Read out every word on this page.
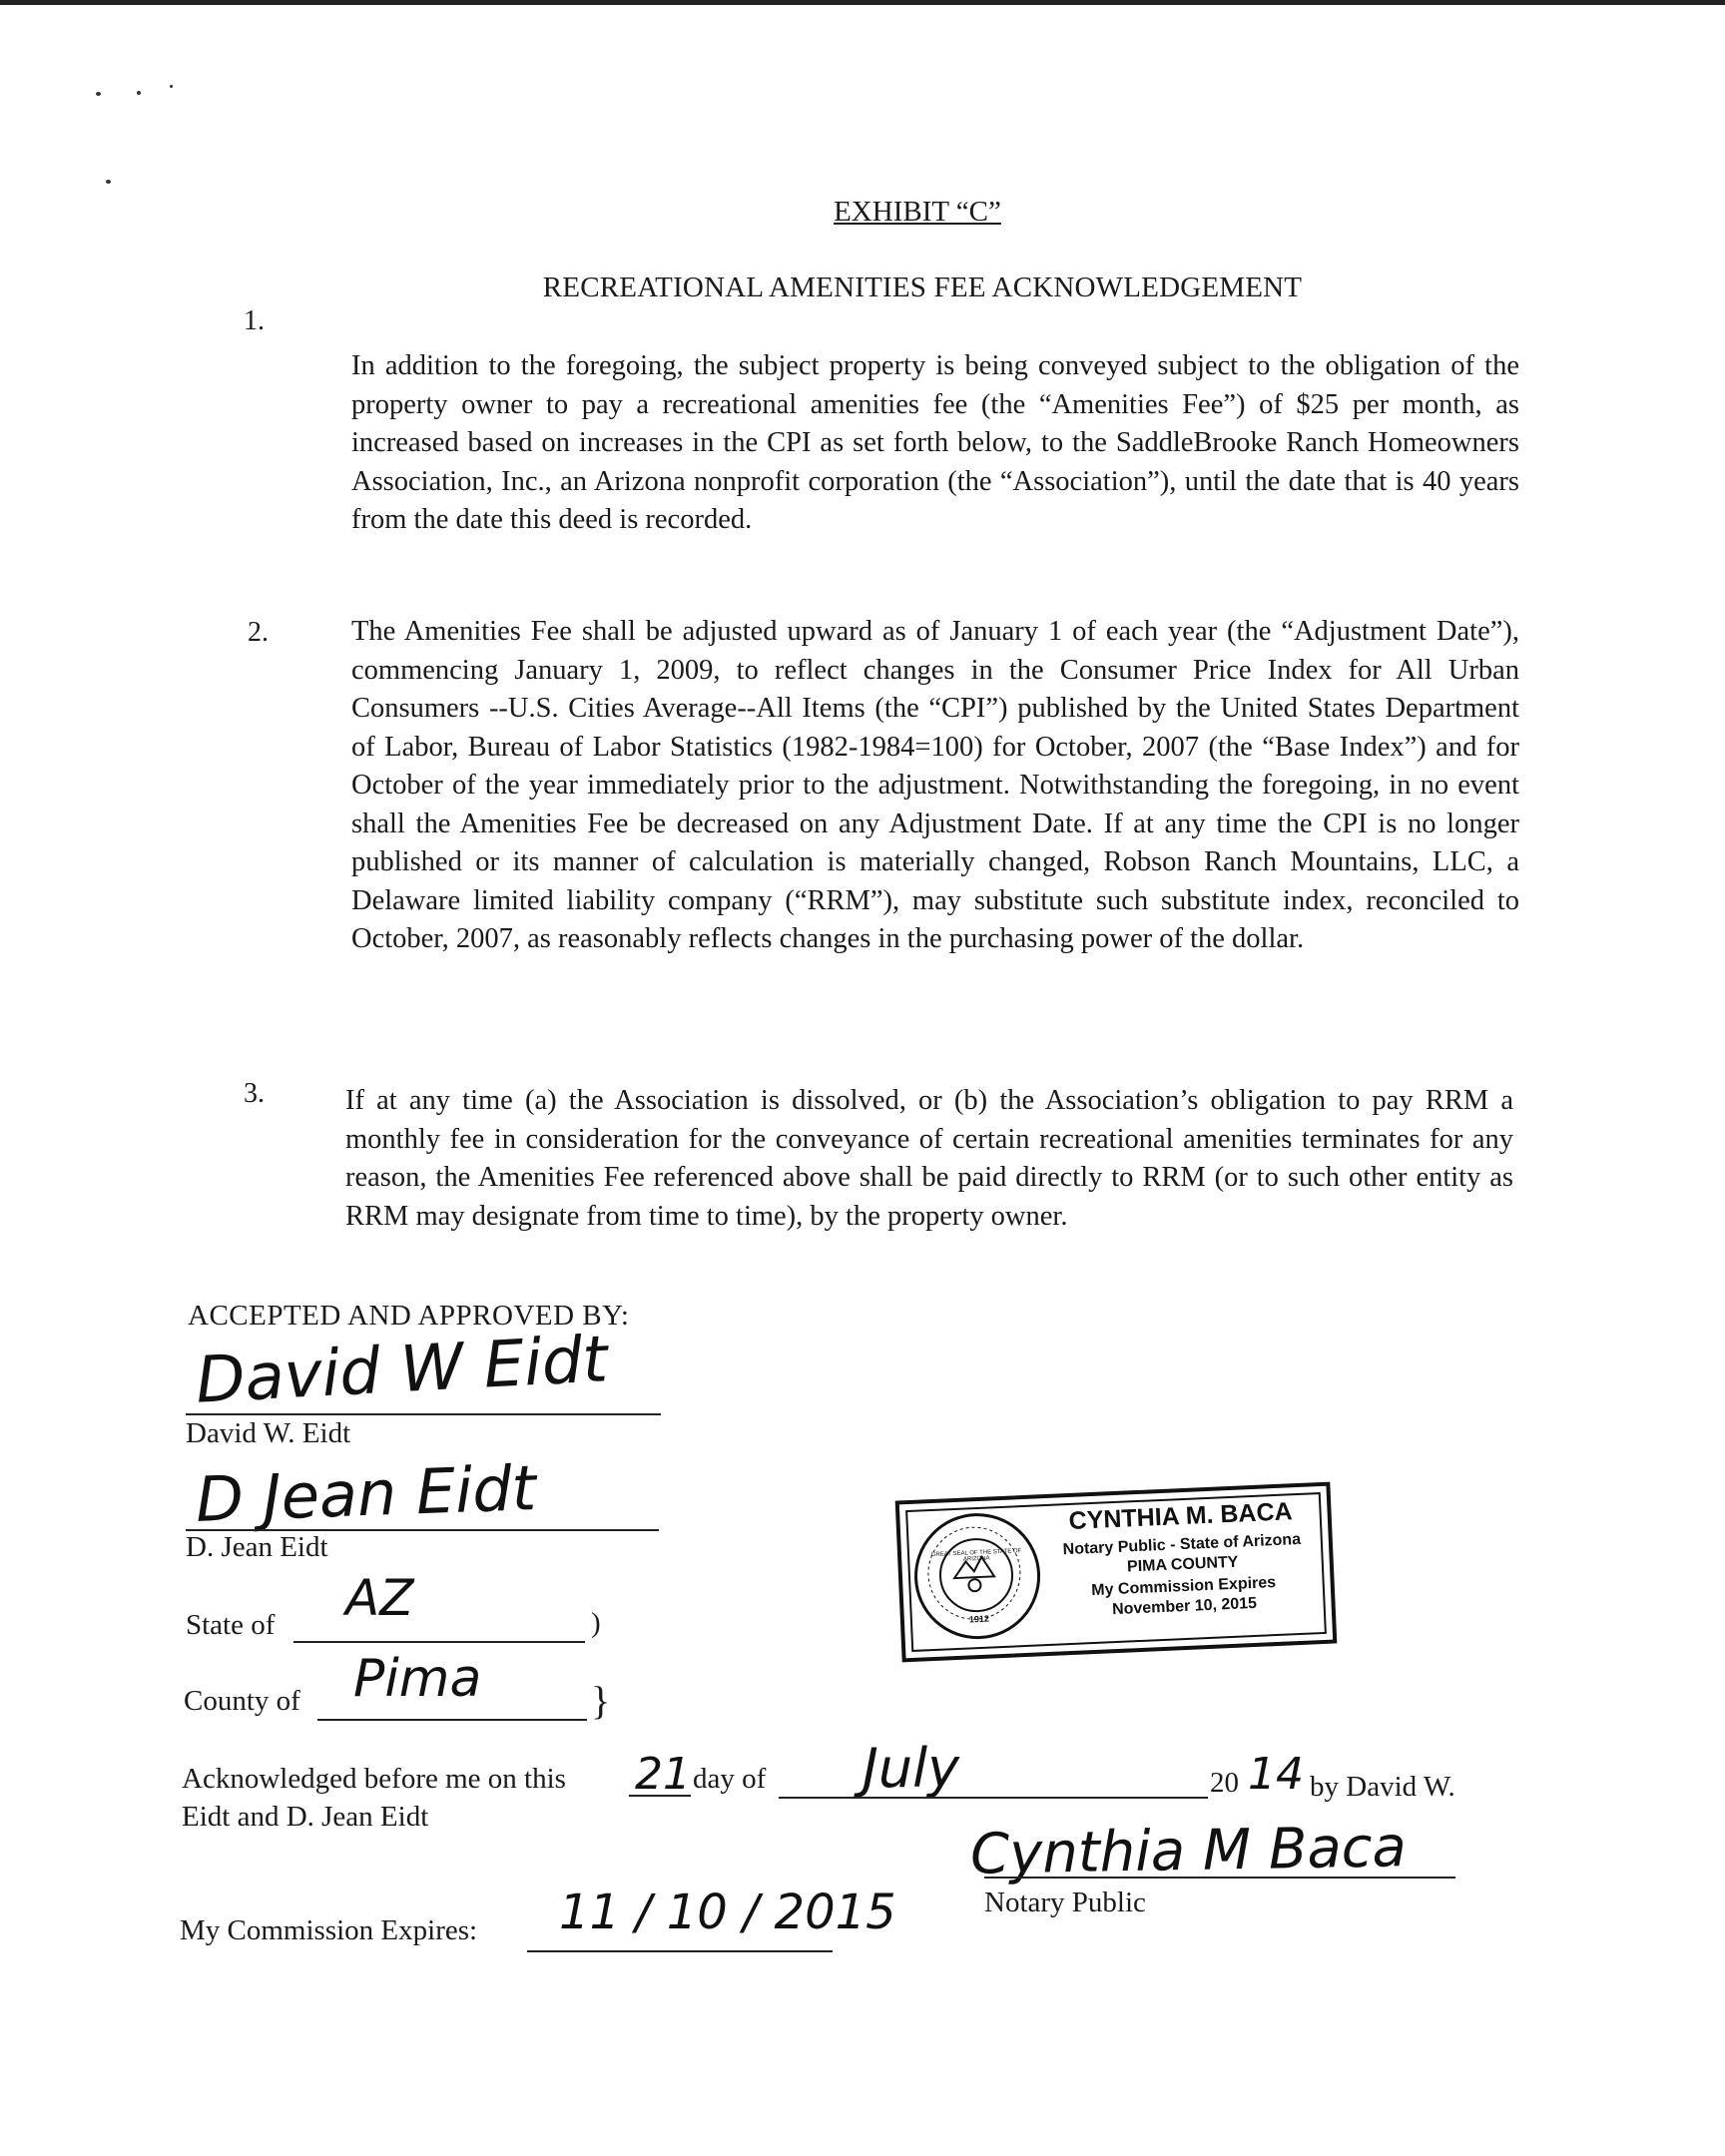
EXHIBIT “C”
RECREATIONAL AMENITIES FEE ACKNOWLEDGEMENT
1.
In addition to the foregoing, the subject property is being conveyed subject to the obligation of the property owner to pay a recreational amenities fee (the “Amenities Fee”) of $25 per month, as increased based on increases in the CPI as set forth below, to the SaddleBrooke Ranch Homeowners Association, Inc., an Arizona nonprofit corporation (the “Association”), until the date that is 40 years from the date this deed is recorded.
2.	The Amenities Fee shall be adjusted upward as of January 1 of each year (the “Adjustment Date”), commencing January 1, 2009, to reflect changes in the Consumer Price Index for All Urban Consumers --U.S. Cities Average--All Items (the “CPI”) published by the United States Department of Labor, Bureau of Labor Statistics (1982-1984=100) for October, 2007 (the “Base Index”) and for October of the year immediately prior to the adjustment. Notwithstanding the foregoing, in no event shall the Amenities Fee be decreased on any Adjustment Date. If at any time the CPI is no longer published or its manner of calculation is materially changed, Robson Ranch Mountains, LLC, a Delaware limited liability company (“RRM”), may substitute such substitute index, reconciled to October, 2007, as reasonably reflects changes in the purchasing power of the dollar.
3.	If at any time (a) the Association is dissolved, or (b) the Association’s obligation to pay RRM a monthly fee in consideration for the conveyance of certain recreational amenities terminates for any reason, the Amenities Fee referenced above shall be paid directly to RRM (or to such other entity as RRM may designate from time to time), by the property owner.
ACCEPTED AND APPROVED BY:
David W Eidt
David W. Eidt
D Jean Eidt
D. Jean Eidt
State of AZ	)
County of Pima	}
1912
GREAT SEAL OF THE STATE OF ARIZONA
CYNTHIA M. BACA
Notary Public - State of Arizona
PIMA COUNTY
My Commission Expires
November 10, 2015
Acknowledged before me on this 21 day of July	20 14 by David W.
Eidt and D. Jean Eidt	Cynthia M Baca
Notary Public
My Commission Expires: 11 / 10 / 2015
